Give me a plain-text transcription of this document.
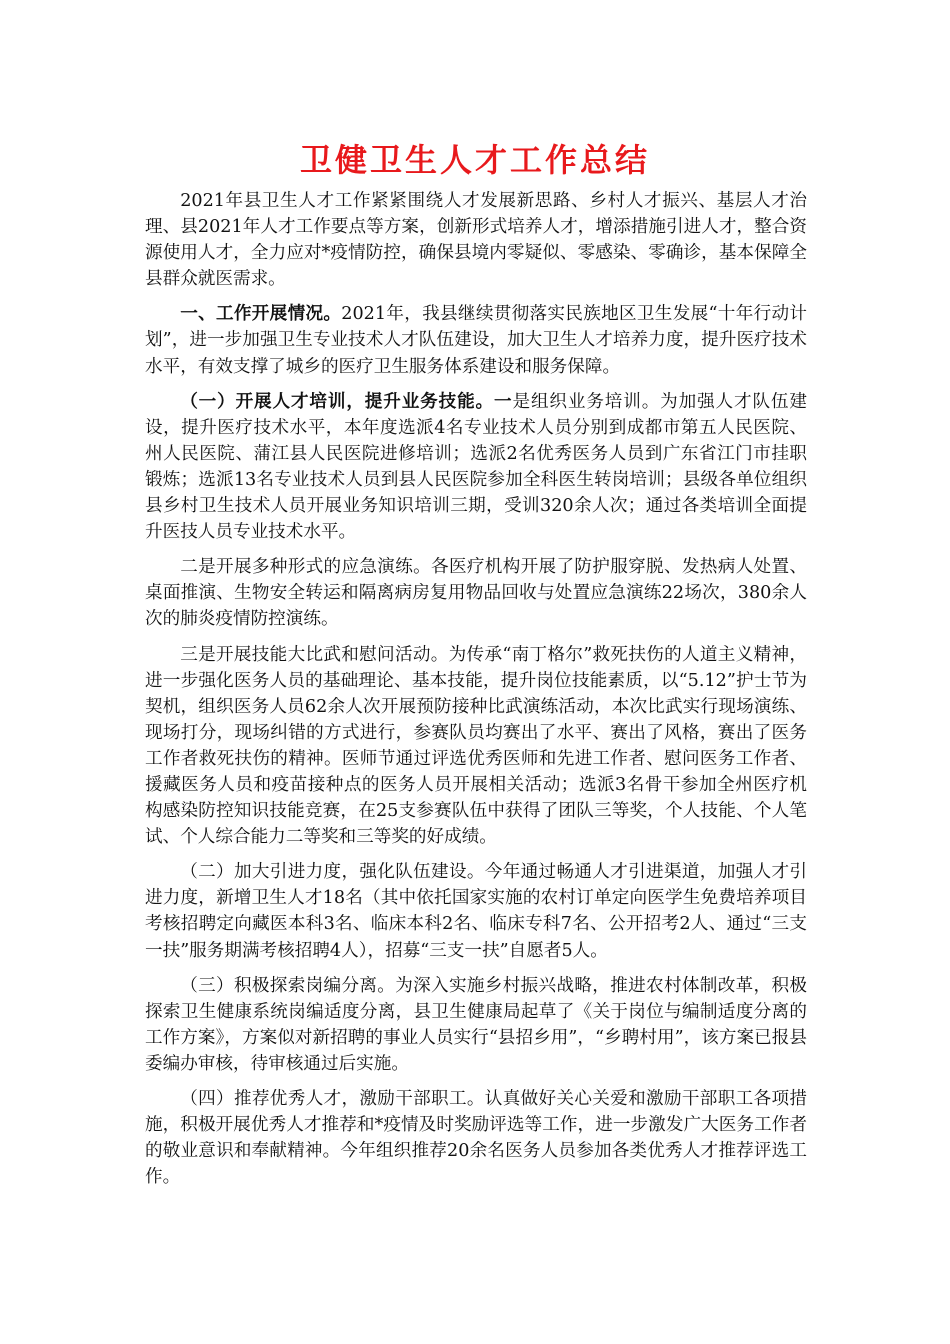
卫健卫生人才工作总结

2021年县卫生人才工作紧紧围绕人才发展新思路、乡村人才振兴、基层人才治理、县2021年人才工作要点等方案，创新形式培养人才，增添措施引进人才，整合资源使用人才，全力应对*疫情防控，确保县境内零疑似、零感染、零确诊，基本保障全县群众就医需求。

一、工作开展情况。2021年，我县继续贯彻落实民族地区卫生发展“十年行动计划”，进一步加强卫生专业技术人才队伍建设，加大卫生人才培养力度，提升医疗技术水平，有效支撑了城乡的医疗卫生服务体系建设和服务保障。

（一）开展人才培训，提升业务技能。一是组织业务培训。为加强人才队伍建设，提升医疗技术水平，本年度选派4名专业技术人员分别到成都市第五人民医院、州人民医院、蒲江县人民医院进修培训；选派2名优秀医务人员到广东省江门市挂职锻炼；选派13名专业技术人员到县人民医院参加全科医生转岗培训；县级各单位组织县乡村卫生技术人员开展业务知识培训三期，受训320余人次；通过各类培训全面提升医技人员专业技术水平。

二是开展多种形式的应急演练。各医疗机构开展了防护服穿脱、发热病人处置、桌面推演、生物安全转运和隔离病房复用物品回收与处置应急演练22场次，380余人次的肺炎疫情防控演练。

三是开展技能大比武和慰问活动。为传承“南丁格尔”救死扶伤的人道主义精神，进一步强化医务人员的基础理论、基本技能，提升岗位技能素质，以“5.12”护士节为契机，组织医务人员62余人次开展预防接种比武演练活动，本次比武实行现场演练、现场打分，现场纠错的方式进行，参赛队员均赛出了水平、赛出了风格，赛出了医务工作者救死扶伤的精神。医师节通过评选优秀医师和先进工作者、慰问医务工作者、援藏医务人员和疫苗接种点的医务人员开展相关活动；选派3名骨干参加全州医疗机构感染防控知识技能竞赛，在25支参赛队伍中获得了团队三等奖，个人技能、个人笔试、个人综合能力二等奖和三等奖的好成绩。

（二）加大引进力度，强化队伍建设。今年通过畅通人才引进渠道，加强人才引进力度，新增卫生人才18名（其中依托国家实施的农村订单定向医学生免费培养项目考核招聘定向藏医本科3名、临床本科2名、临床专科7名、公开招考2人、通过“三支一扶”服务期满考核招聘4人），招募“三支一扶”自愿者5人。

（三）积极探索岗编分离。为深入实施乡村振兴战略，推进农村体制改革，积极探索卫生健康系统岗编适度分离，县卫生健康局起草了《关于岗位与编制适度分离的工作方案》，方案似对新招聘的事业人员实行“县招乡用”，“乡聘村用”，该方案已报县委编办审核，待审核通过后实施。

（四）推荐优秀人才，激励干部职工。认真做好关心关爱和激励干部职工各项措施，积极开展优秀人才推荐和*疫情及时奖励评选等工作，进一步激发广大医务工作者的敬业意识和奉献精神。今年组织推荐20余名医务人员参加各类优秀人才推荐评选工作。
